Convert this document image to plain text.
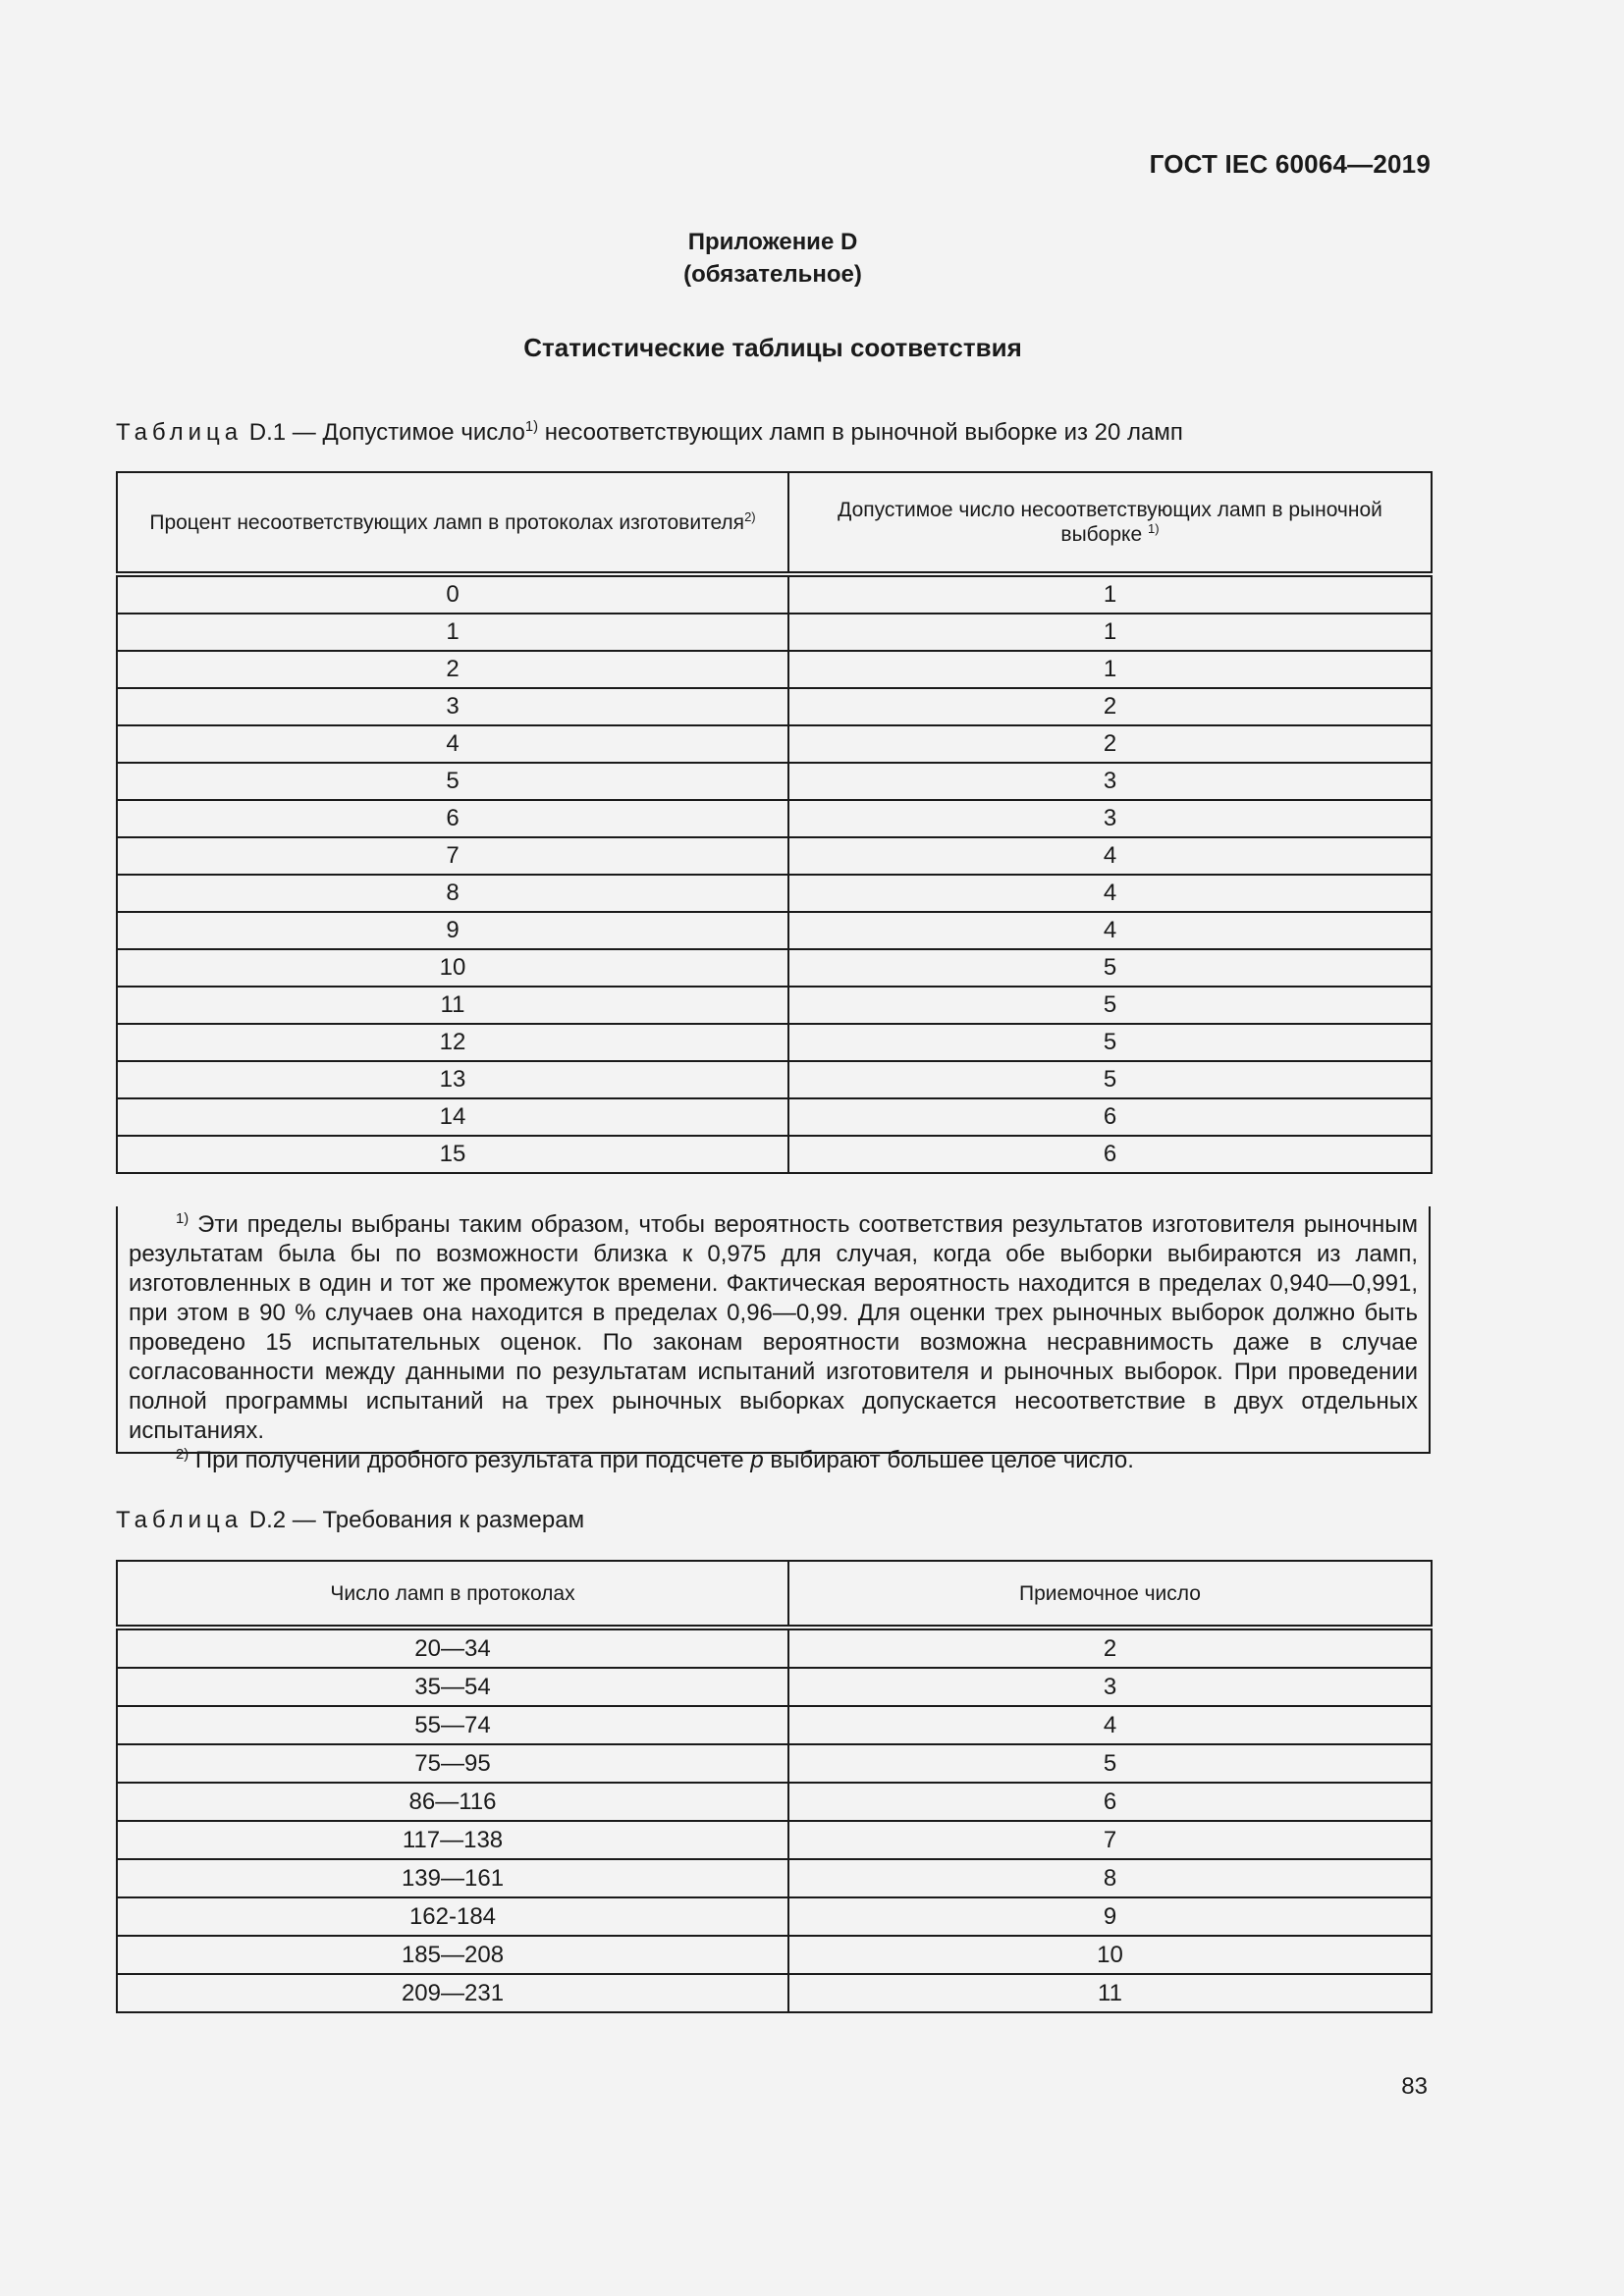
ГОСТ IEC 60064—2019
Приложение D
(обязательное)
Статистические таблицы соответствия
Таблица D.1 — Допустимое число$^{1)}$ несоответствующих ламп в рыночной выборке из 20 ламп
Процент несоответствующих ламп в протоколах изготовителя$^{2)}$	Допустимое число несоответствующих ламп в рыночной выборке $^{1)}$
0	1
1	1
2	1
3	2
4	2
5	3
6	3
7	4
8	4
9	4
10	5
11	5
12	5
13	5
14	6
15	6

$^{1)}$ Эти пределы выбраны таким образом, чтобы вероятность соответствия результатов изготовителя рыночным результатам была бы по возможности близка к 0,975 для случая, когда обе выборки выбираются из ламп, изготовленных в один и тот же промежуток времени. Фактическая вероятность находится в пределах 0,940—0,991, при этом в 90 % случаев она находится в пределах 0,96—0,99. Для оценки трех рыночных выборок должно быть проведено 15 испытательных оценок. По законам вероятности возможна несравнимость даже в случае согласованности между данными по результатам испытаний изготовителя и рыночных выборок. При проведении полной программы испытаний на трех рыночных выборках допускается несоответствие в двух отдельных испытаниях.

$^{2)}$ При получении дробного результата при подсчете p выбирают большее целое число.

Таблица D.2 — Требования к размерам
Число ламп в протоколах	Приемочное число
20—34	2
35—54	3
55—74	4
75—95	5
86—116	6
117—138	7
139—161	8
162-184	9
185—208	10
209—231	11
83
